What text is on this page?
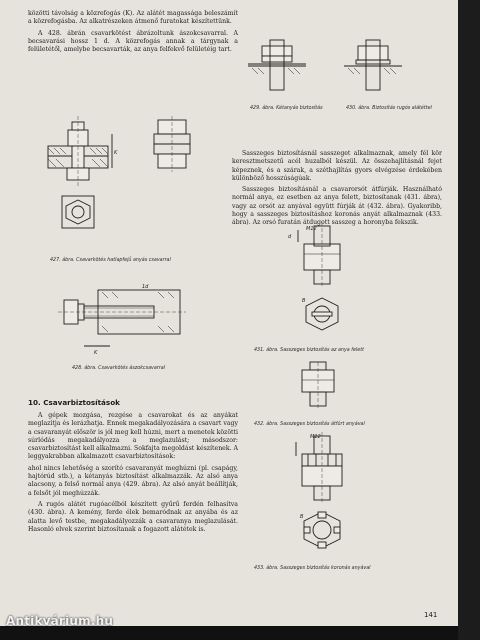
közötti távolság a közrefogás (K). Az alátét magassága beleszámít a közrefogásba. Az alkatrészeken átmenő furatokat készítettünk.

A 428. ábrán csavarkötést ábrázoltunk ászokcsavarral. A becsavarási hossz 1 d. A közrefogás annak a tárgynak a felületétől, amelybe becsavarták, az anya felfekvő felületéig tart.

K
427. ábra. Csavarkötés hatlapfejű anyás csavarral
K
1d
428. ábra. Csavarkötés ászokcsavarral
429. ábra. Kétanyás biztosítás	430. ábra. Biztosítás rugós alátéttel

Sasszeges biztosításnál sasszeget alkalmaznak, amely fél kör keresztmetszetű acél huzalból készül. Az összehajlításnál fejet képeznek, és a szárak, a széthajlítás gyors elvégzése érdekében különböző hosszúságúak.

Sasszeges biztosításnál a csavarorsót átfúrják. Használható normál anya, ez esetben az anya felett, biztosítanak (431. ábra), vagy az orsót az anyával együtt fúrják át (432. ábra). Gyakoribb, hogy a sasszeges biztosításhoz koronás anyát alkalmaznak (433. ábra). Az orsó furatán átdugott sasszeg a horonyba fekszik.

M12
d
B
431. ábra. Sasszeges biztosítás az anya felett
432. ábra. Sasszeges biztosítás átfúrt anyával
M12
B
433. ábra. Sasszeges biztosítás koronás anyával
10. Csavarbiztosítások

A gépek mozgása, rezgése a csavarokat és az anyákat meglazítja és lerázhatja. Ennek megakadályozására a csavart vagy a csavaranyát először is jól meg kell húzni, mert a menetek közötti súrlódás megakadályozza a meglazulást; másodszor: csavarbiztosítást kell alkalmazni. Sokfajta megoldást készítenek. A leggyakrabban alkalmazott csavarbiztosítások:

ahol nincs lehetőség a szorító csavaranyát meghúzni (pl. csapágy, hajtórúd stb.), a kétanyás biztosítást alkalmazzák. Az alsó anya alacsony, a felső normál anya (429. ábra). Az alsó anyát beállítják, a felsőt jól meghúzzák.

A rugós alátét rugóacélból készített gyűrű ferdén felhasítva (430. ábra). A kemény, ferde élek bemaródnak az anyába és az alatta levő testbe, megakadályozzák a csavaranya meglazulását. Hasonló elvek szerint biztosítanak a fogazott alátétek is.

141
Antikvárium.hu
